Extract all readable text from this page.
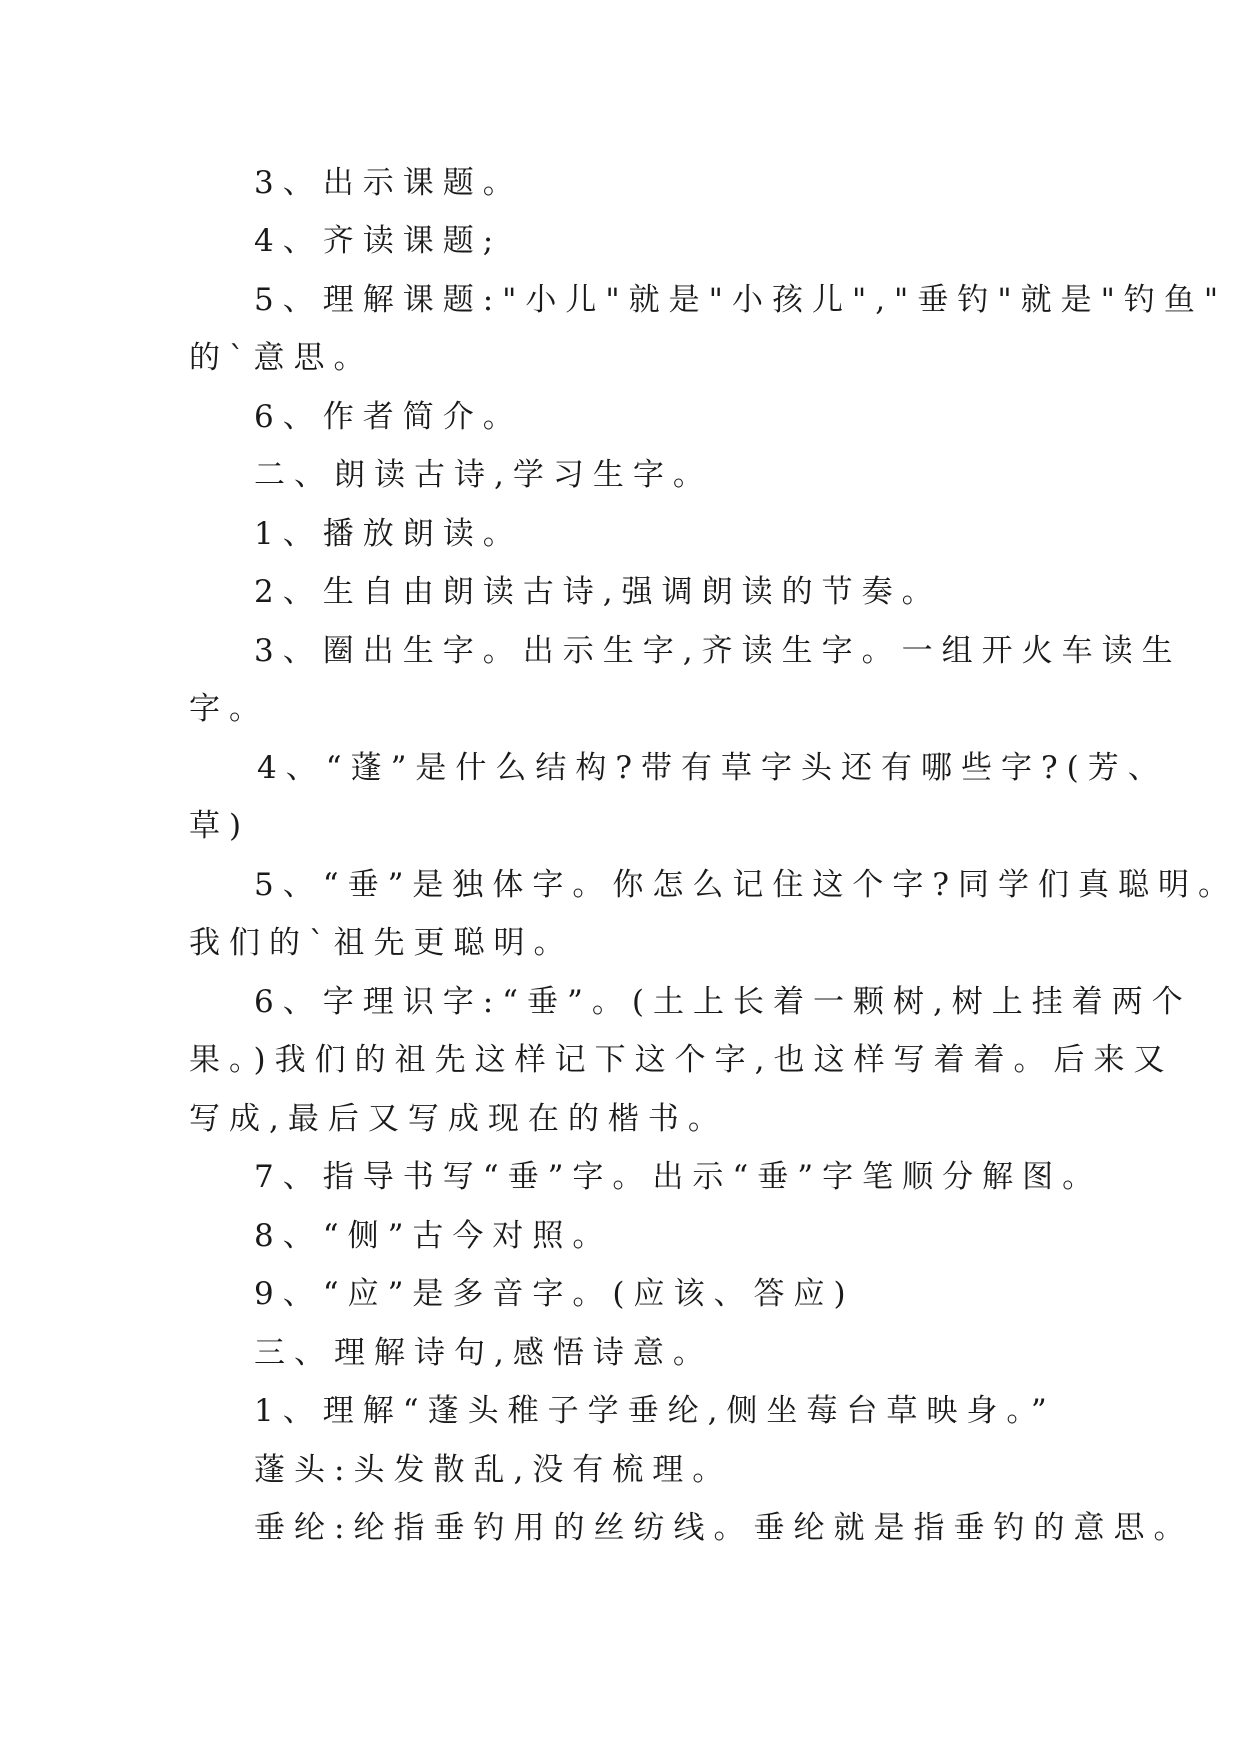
3、出示课题。
4、齐读课题;
5、理解课题:"小儿"就是"小孩儿","垂钓"就是"钓鱼"
的`意思。
6、作者简介。
二、朗读古诗,学习生字。
1、播放朗读。
2、生自由朗读古诗,强调朗读的节奏。
3、圈出生字。出示生字,齐读生字。一组开火车读生
字。
4、“蓬”是什么结构?带有草字头还有哪些字?(芳、
草)
5、“垂”是独体字。你怎么记住这个字?同学们真聪明。
我们的`祖先更聪明。
6、字理识字:“垂”。(土上长着一颗树,树上挂着两个
果。)我们的祖先这样记下这个字,也这样写着着。后来又
写成,最后又写成现在的楷书。
7、指导书写“垂”字。出示“垂”字笔顺分解图。
8、“侧”古今对照。
9、“应”是多音字。(应该、答应)
三、理解诗句,感悟诗意。
1、理解“蓬头稚子学垂纶,侧坐莓台草映身。”
蓬头:头发散乱,没有梳理。
垂纶:纶指垂钓用的丝纺线。垂纶就是指垂钓的意思。
